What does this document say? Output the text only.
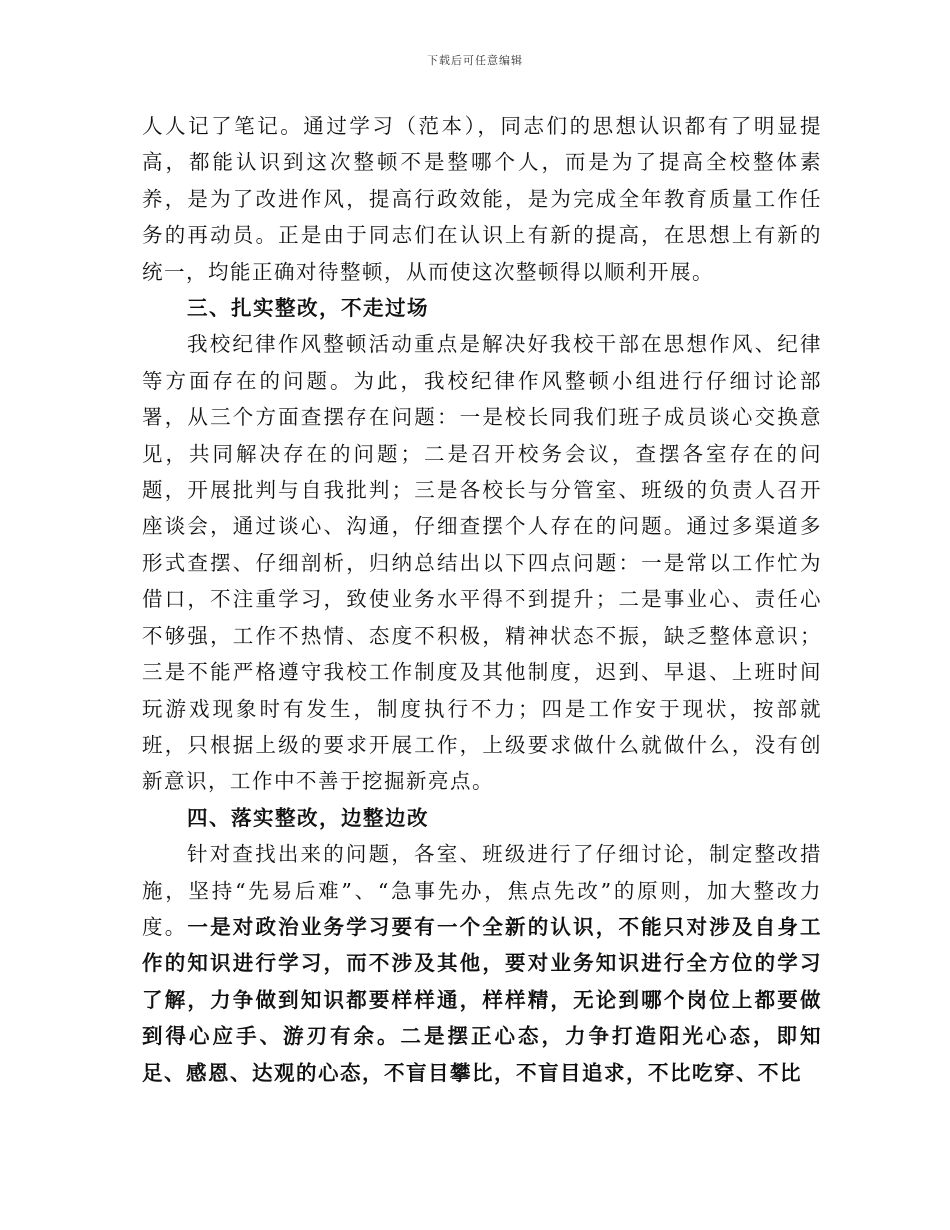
下载后可任意编辑

人人记了笔记。通过学习（范本），同志们的思想认识都有了明显提高，都能认识到这次整顿不是整哪个人，而是为了提高全校整体素养，是为了改进作风，提高行政效能，是为完成全年教育质量工作任务的再动员。正是由于同志们在认识上有新的提高，在思想上有新的统一，均能正确对待整顿，从而使这次整顿得以顺利开展。

三、扎实整改，不走过场

我校纪律作风整顿活动重点是解决好我校干部在思想作风、纪律等方面存在的问题。为此，我校纪律作风整顿小组进行仔细讨论部署，从三个方面查摆存在问题：一是校长同我们班子成员谈心交换意见，共同解决存在的问题；二是召开校务会议，查摆各室存在的问题，开展批判与自我批判；三是各校长与分管室、班级的负责人召开座谈会，通过谈心、沟通，仔细查摆个人存在的问题。通过多渠道多形式查摆、仔细剖析，归纳总结出以下四点问题：一是常以工作忙为借口，不注重学习，致使业务水平得不到提升；二是事业心、责任心不够强，工作不热情、态度不积极，精神状态不振，缺乏整体意识；三是不能严格遵守我校工作制度及其他制度，迟到、早退、上班时间玩游戏现象时有发生，制度执行不力；四是工作安于现状，按部就班，只根据上级的要求开展工作，上级要求做什么就做什么，没有创新意识，工作中不善于挖掘新亮点。

四、落实整改，边整边改

针对查找出来的问题，各室、班级进行了仔细讨论，制定整改措施，坚持“先易后难”、“急事先办，焦点先改”的原则，加大整改力度。一是对政治业务学习要有一个全新的认识，不能只对涉及自身工作的知识进行学习，而不涉及其他，要对业务知识进行全方位的学习了解，力争做到知识都要样样通，样样精，无论到哪个岗位上都要做到得心应手、游刃有余。二是摆正心态，力争打造阳光心态，即知足、感恩、达观的心态，不盲目攀比，不盲目追求，不比吃穿、不比
